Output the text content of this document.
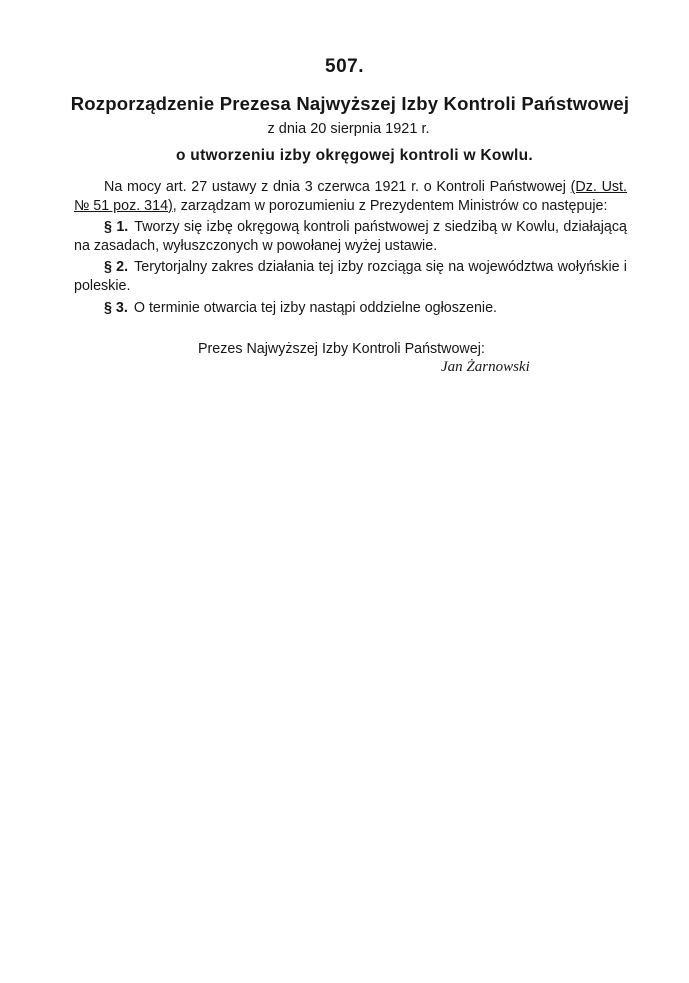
507.
Rozporządzenie Prezesa Najwyższej Izby Kontroli Państwowej
z dnia 20 sierpnia 1921 r.
o utworzeniu izby okręgowej kontroli w Kowlu.

Na mocy art. 27 ustawy z dnia 3 czerwca 1921 r. o Kontroli Państwowej (Dz. Ust. № 51 poz. 314), zarządzam w porozumieniu z Prezydentem Ministrów co następuje:

§ 1. Tworzy się izbę okręgową kontroli państwowej z siedzibą w Kowlu, działającą na zasadach, wyłuszczonych w powołanej wyżej ustawie.

§ 2. Terytorjalny zakres działania tej izby rozciąga się na województwa wołyńskie i poleskie.

§ 3. O terminie otwarcia tej izby nastąpi oddzielne ogłoszenie.

Prezes Najwyższej Izby Kontroli Państwowej:
Jan Żarnowski
